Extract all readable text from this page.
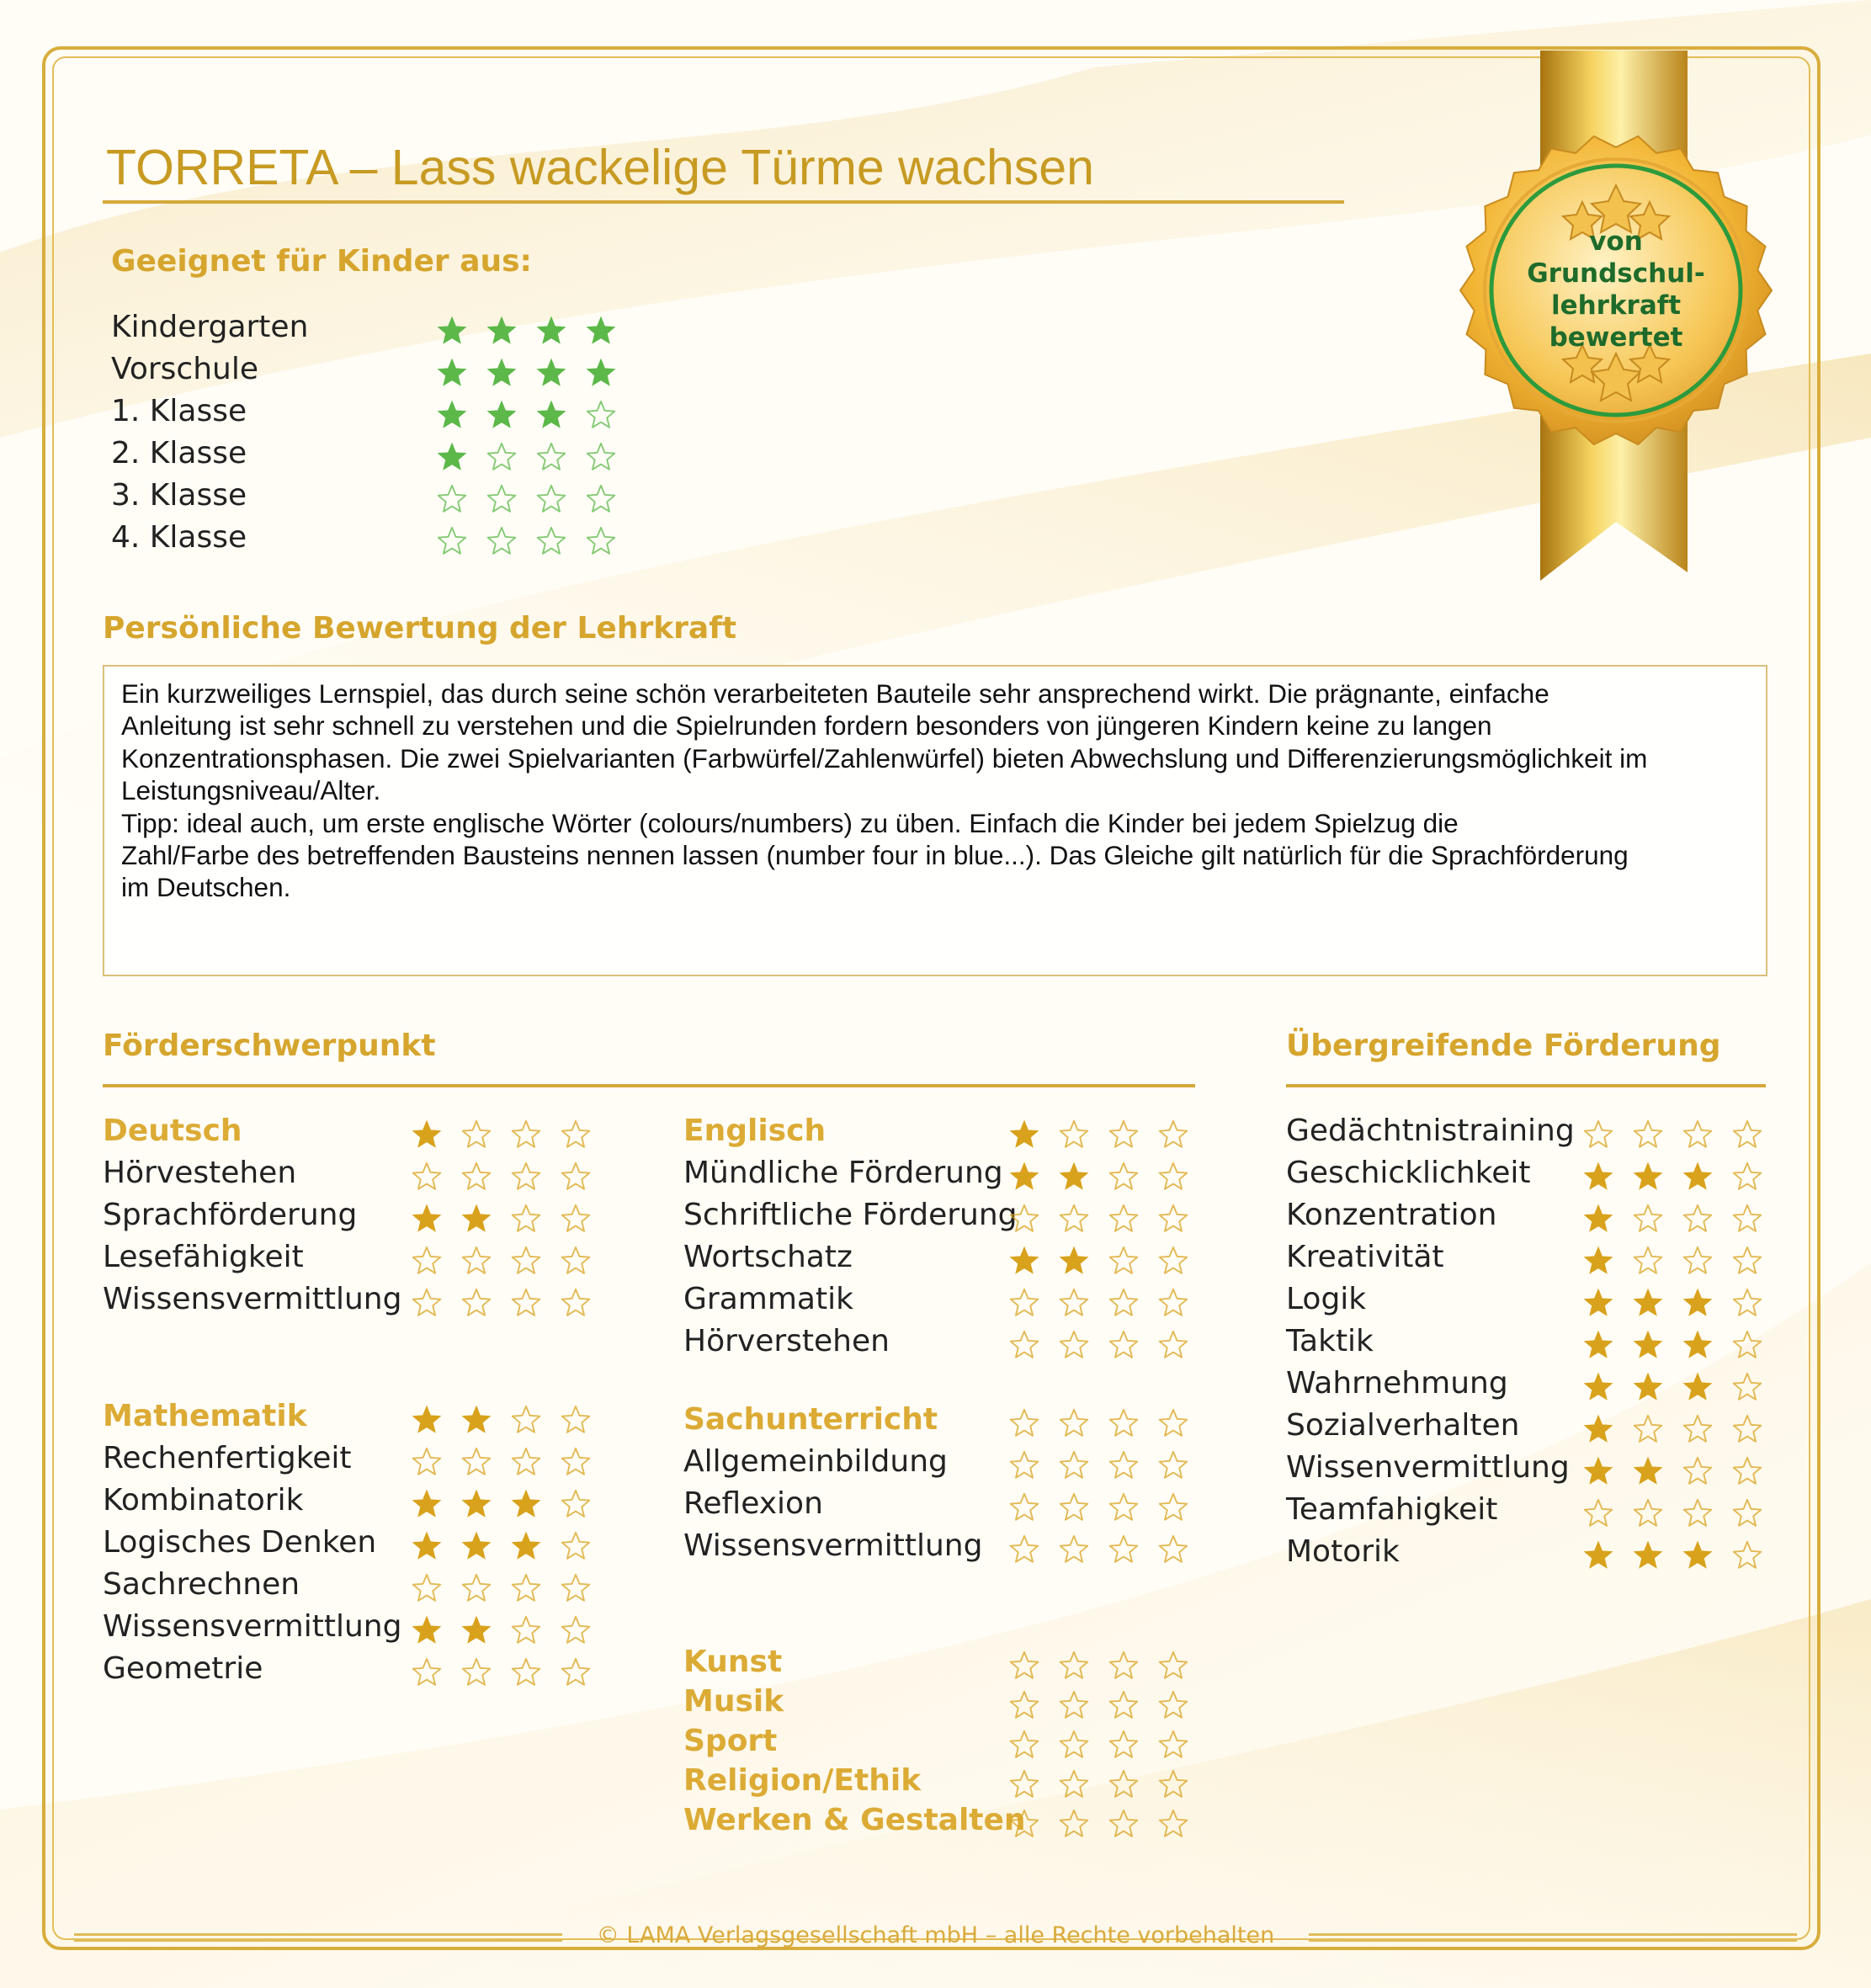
TORRETA – Lass wackelige Türme wachsen
von
Grundschul-
lehrkraft
bewertet
Geeignet für Kinder aus:
Kindergarten
Vorschule
1. Klasse
2. Klasse
3. Klasse
4. Klasse
Persönliche Bewertung der Lehrkraft
Ein kurzweiliges Lernspiel, das durch seine schön verarbeiteten Bauteile sehr ansprechend wirkt. Die prägnante, einfache
Anleitung ist sehr schnell zu verstehen und die Spielrunden fordern besonders von jüngeren Kindern keine zu langen
Konzentrationsphasen. Die zwei Spielvarianten (Farbwürfel/Zahlenwürfel) bieten Abwechslung und Differenzierungsmöglichkeit im
Leistungsniveau/Alter.
Tipp: ideal auch, um erste englische Wörter (colours/numbers) zu üben. Einfach die Kinder bei jedem Spielzug die
Zahl/Farbe des betreffenden Bausteins nennen lassen (number four in blue...). Das Gleiche gilt natürlich für die Sprachförderung
im Deutschen.
Förderschwerpunkt	Übergreifende Förderung
Deutsch
Hörvestehen
Sprachförderung
Lesefähigkeit
Wissensvermittlung
Mathematik
Rechenfertigkeit
Kombinatorik
Logisches Denken
Sachrechnen
Wissensvermittlung
Geometrie
Englisch
Mündliche Förderung
Schriftliche Förderung
Wortschatz
Grammatik
Hörverstehen
Sachunterricht
Allgemeinbildung
Reflexion
Wissensvermittlung
Kunst
Musik
Sport
Religion/Ethik
Werken & Gestalten
Gedächtnistraining
Geschicklichkeit
Konzentration
Kreativität
Logik
Taktik
Wahrnehmung
Sozialverhalten
Wissenvermittlung
Teamfahigkeit
Motorik
© LAMA Verlagsgesellschaft mbH – alle Rechte vorbehalten
